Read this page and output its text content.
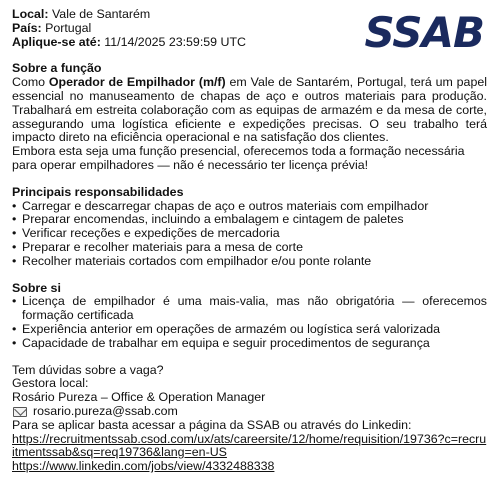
SSAB
Local: Vale de Santarém
País: Portugal
Aplique-se até: 11/14/2025 23:59:59 UTC
Sobre a função

Como Operador de Empilhador (m/f) em Vale de Santarém, Portugal, terá um papel essencial no manuseamento de chapas de aço e outros materiais para produção. Trabalhará em estreita colaboração com as equipas de armazém e da mesa de corte, assegurando uma logística eficiente e expedições precisas. O seu trabalho terá impacto direto na eficiência operacional e na satisfação dos clientes.

Embora esta seja uma função presencial, oferecemos toda a formação necessária para operar empilhadores — não é necessário ter licença prévia!

Principais responsabilidades
• Carregar e descarregar chapas de aço e outros materiais com empilhador
• Preparar encomendas, incluindo a embalagem e cintagem de paletes
• Verificar receções e expedições de mercadoria
• Preparar e recolher materiais para a mesa de corte
• Recolher materiais cortados com empilhador e/ou ponte rolante
Sobre si
• Licença de empilhador é uma mais-valia, mas não obrigatória — oferecemos formação certificada
• Experiência anterior em operações de armazém ou logística será valorizada
• Capacidade de trabalhar em equipa e seguir procedimentos de segurança
Tem dúvidas sobre a vaga?
Gestora local:
Rosário Pureza – Office & Operation Manager
rosario.pureza@ssab.com
Para se aplicar basta acessar a página da SSAB ou através do Linkedin:
https://recruitmentssab.csod.com/ux/ats/careersite/12/home/requisition/19736?c=recruitmentssab&sq=req19736&lang=en-US
https://www.linkedin.com/jobs/view/4332488338
